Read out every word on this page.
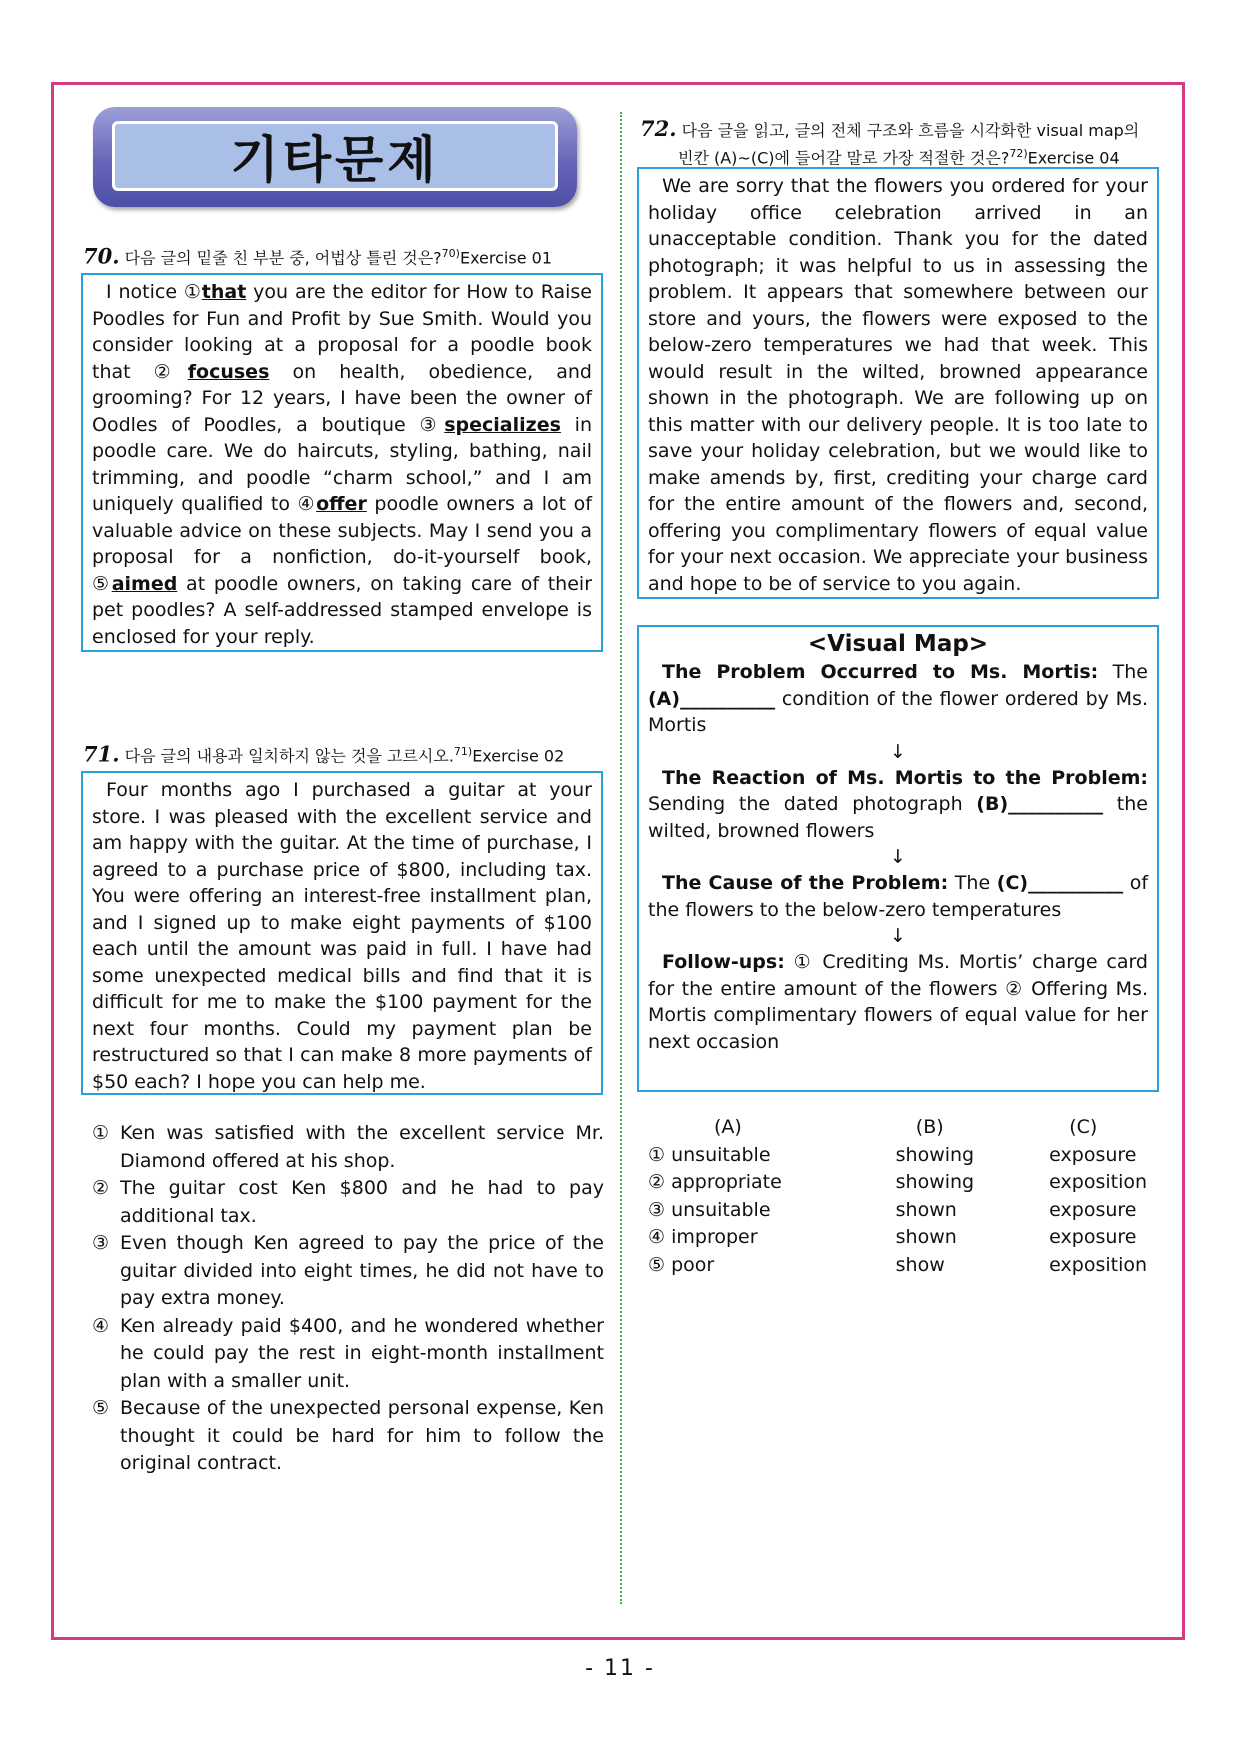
기타문제
70. 다음 글의 밑줄 친 부분 중, 어법상 틀린 것은?$^{70)}$Exercise 01

I notice ①that you are the editor for How to Raise Poodles for Fun and Profit by Sue Smith. Would you consider looking at a proposal for a poodle book that ②focuses on health, obedience, and grooming? For 12 years, I have been the owner of Oodles of Poodles, a boutique ③specializes in poodle care. We do haircuts, styling, bathing, nail trimming, and poodle “charm school,” and I am uniquely qualified to ④offer poodle owners a lot of valuable advice on these subjects. May I send you a proposal for a nonfiction, do-it-yourself book, ⑤aimed at poodle owners, on taking care of their pet poodles? A self-addressed stamped envelope is enclosed for your reply.

71. 다음 글의 내용과 일치하지 않는 것을 고르시오.$^{71)}$Exercise 02

Four months ago I purchased a guitar at your store. I was pleased with the excellent service and am happy with the guitar. At the time of purchase, I agreed to a purchase price of $800, including tax. You were offering an interest-free installment plan, and I signed up to make eight payments of $100 each until the amount was paid in full. I have had some unexpected medical bills and find that it is difficult for me to make the $100 payment for the next four months. Could my payment plan be restructured so that I can make 8 more payments of $50 each? I hope you can help me.

① Ken was satisfied with the excellent service Mr. Diamond offered at his shop.
② The guitar cost Ken $800 and he had to pay additional tax.
③ Even though Ken agreed to pay the price of the guitar divided into eight times, he did not have to pay extra money.
④ Ken already paid $400, and he wondered whether he could pay the rest in eight-month installment plan with a smaller unit.
⑤ Because of the unexpected personal expense, Ken thought it could be hard for him to follow the original contract.
72. 다음 글을 읽고, 글의 전체 구조와 흐름을 시각화한 visual map의
빈칸 (A)~(C)에 들어갈 말로 가장 적절한 것은?$^{72)}$Exercise 04

We are sorry that the flowers you ordered for your holiday office celebration arrived in an unacceptable condition. Thank you for the dated photograph; it was helpful to us in assessing the problem. It appears that somewhere between our store and yours, the flowers were exposed to the below-zero temperatures we had that week. This would result in the wilted, browned appearance shown in the photograph. We are following up on this matter with our delivery people. It is too late to save your holiday celebration, but we would like to make amends by, first, crediting your charge card for the entire amount of the flowers and, second, offering you complimentary flowers of equal value for your next occasion. We appreciate your business and hope to be of service to you again.

<Visual Map>

The Problem Occurred to Ms. Mortis: The (A)__________ condition of the flower ordered by Ms. Mortis

↓

The Reaction of Ms. Mortis to the Problem: Sending the dated photograph (B)__________ the wilted, browned flowers

↓

The Cause of the Problem: The (C)__________ of the flowers to the below-zero temperatures

↓

Follow-ups: ① Crediting Ms. Mortis’ charge card for the entire amount of the flowers ② Offering Ms. Mortis complimentary flowers of equal value for her next occasion

(A)	(B)	(C)
① unsuitable	showing	exposure
② appropriate	showing	exposition
③ unsuitable	shown	exposure
④ improper	shown	exposure
⑤ poor	show	exposition
- 11 -
